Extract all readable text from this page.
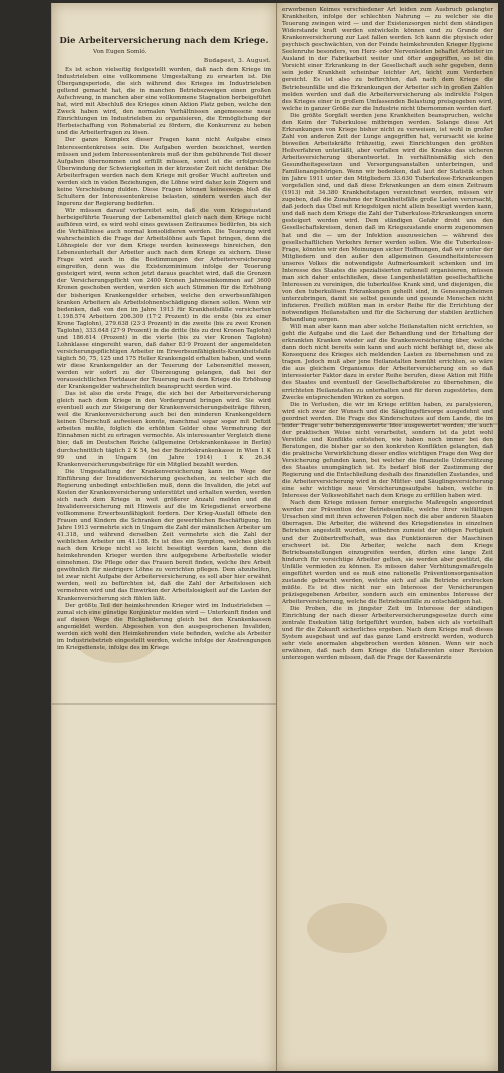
Die Arbeiterversicherung nach dem Kriege.
Von Eugen Somló.
Budapest, 3. August.

Es ist schon vielseitig festgestellt worden, daß nach dem Kriege im Industrieleben eine vollkommene Umgestaltung zu erwarten ist. Die Übergangsperiode, die sich während des Krieges im Industrieleben geltend gemacht hat, die in manchen Betriebszweigen einen großen Aufschwung, in manchen aber eine vollkommene Stagnation herbeigeführt hat, wird mit Abschluß des Krieges einen Aktion Platz geben, welche den Zweck haben wird, den normalen Verhältnissen angemessene neue Einrichtungen im Industrieleben zu organisieren, die Ermöglichung der Herbeischaffung von Rohmaterial zu fördern, die Konkurrenz zu heben und die Arbeiterfragen zu lösen.

Der ganze Komplex dieser Fragen kann nicht Aufgabe eines Interessentenkreises sein. Die Aufgaben werden bezeichnet, werden müssen und jedem Interessentenkreis muß der ihm gebührende Teil dieser Aufgaben übernommen und erfüllt müssen, sonst ist die erfolgreiche Überwindung der Schwierigkeiten in der kürzester Zeit nicht denkbar. Die Arbeiterfragen werden nach dem Kriege mit großer Wucht auftreten und werden sich in vielen Beziehungen, die Löhne wird daher kein Zögern und keine Verschiebung dulden. Diese Fragen können keineswegs bloß die Schultern der Interessentenkreise belasten, sondern werden auch der Ingerenz der Regierung bedürfen.

Wir müssen darauf vorbereitet sein, daß die vom Kriegszustand herbeigeführte Teuerung der Lebensmittel gleich nach dem Kriege nicht aufhören wird, es wird wohl eines gewissen Zeitraumes bedürfen, bis sich die Verhältnisse auch normal konsolidieren werden. Die Teuerung wird wahrscheinlich die Frage der Arbeitslöhne aufs Tapet bringen, denn die Löhnspiele der vor dem Kriege werden keineswegs hinreichen, den Lebensunterhalt der Arbeiter auch nach dem Kriege zu sichern. Diese Frage wird auch in die Bestimmungen der Arbeiterversicherung eingreifen, denn was die Existenzminimum infolge der Teuerung gesteigert wird, wenn schon jetzt daraus geachtet wird, daß die Grenzen der Versicherungspflicht von 2400 Kronen Jahreseinkommen auf 3600 Kronen geschoben werden, werden sich auch Stimmen für die Erhöhung der bisherigen Krankengelder erheben, welche den erwerbsunfähigen kranken Arbeitern als Arbeitslohnentschädigung dienen sollen. Wenn wir bedenken, daß von den im Jahre 1913 für Krankheitsfälle versicherten 1.198.574 Arbeitern 206.309 (17·2 Prozent) in die erste (bis zu einer Krone Taglohn), 279.638 (23·3 Prozent) in die zweite (bis zu zwei Kronen Taglohn), 333.648 (27·9 Prozent) in die dritte (bis zu drei Kronen Taglohn) und 186.614 (Prozent) in die vierte (bis zu vier Kronen Taglohn) Lohnklasse eingereiht waren, daß daher 83·9 Prozent der angemeldeten versicherungspflichtigen Arbeiter im Erwerbsunfähigkeits-Krankheitsfalle täglich 50, 75, 125 und 175 Heller Krankengeld erhalten haben, und wenn wir diese Krankengelder an der Teuerung der Lebensmittel messen, werden wir sofort zu der Überzeugung gelangen, daß bei der voraussichtlichen Fortdauer der Teuerung nach dem Kriege die Erhöhung der Krankengelder wahrscheinlich beansprucht werden wird.

Das ist also die erste Frage, die sich bei der Arbeiterversicherung gleich nach dem Kriege in den Vordergrund bringen wird. Sie wird eventuell auch zur Steigerung der Krankenversicherungsbeiträge führen, weil die Krankenversicherung auch bei den minderen Krankengeldern keinen Überschuß aufweisen konnte, manchmal sogar sogar mit Defizit arbeiten mußte, folglich die erhöhten Gelder ohne Vermehrung der Einnahmen nicht zu ertragen vermochte. Als interessanter Vergleich diene hier, daß im Deutschen Reiche (allgemeine Ortskrankenkasse in Berlin) durchschnittlich täglich 2 K 54, bei der Bezirkskrankenkasse in Wien 1 K 99 und in Ungarn (im Jahre 1914) 1 K 26.34 Krankenversicherungsbeiträge für ein Mitglied bezahlt werden.

Die Umgestaltung der Krankenversicherung kann im Wege der Einführung der Invalidenversicherung geschehen, zu welcher sich die Regierung unbedingt entschließen muß, denn die Invaliden, die jetzt auf Kosten der Krankenversicherung unterstützt und erhalten werden, werden sich nach dem Kriege in weit größerer Anzahl melden und die Invalidenversicherung mit Hinweis auf die im Kriegsdienst erworbene vollkommene Erwerbsunfähigkeit fordern. Der Krieg-Ausfall öffnete den Frauen und Kindern die Schranken der gewerblichen Beschäftigung. Im Jahre 1913 vermehrte sich in Ungarn die Zahl der männlichen Arbeiter um 41.318, und während derselben Zeit vermehrte sich die Zahl der weiblichen Arbeiter um 41.188. Es ist dies ein Symptom, welches gleich nach dem Kriege nicht so leicht beseitigt werden kann, denn die heimkehrenden Krieger werden ihre aufgegebene Arbeitsstelle wieder einnehmen. Die Pflege oder das Frauen bereit finden, welche ihre Arbeit gewöhnlich für niedrigere Löhne zu verrichten pflegen. Dem abzuhelfen, ist zwar nicht Aufgabe der Arbeiterversicherung, es soll aber hier erwähnt werden, weil zu befürchten ist, daß die Zahl der Arbeitslosen sich vermehren wird und das Einwirken der Arbeitslosigkeit auf die Lasten der Krankenversicherung sich fühlen läßt.

Der größte Teil der heimkehrenden Krieger wird im Industrieleben — zumal sich eine günstige Konjunktur melden wird — Unterkunft finden und auf diesen Wege die Rückgliederung gleich bei den Krankenkassen angemeldet werden. Abgesehen von den ausgesprochenen Invaliden, werden sich wohl den Heimkehrenden viele befinden, welche als Arbeiter im Industriebetrieb eingestellt werden, welche infolge der Anstrengungen im Kriegsdienste, infolge des im Kriege

erworbenen Keimes verschiedener Art leiden zum Ausbruch gelangter Krankheiten, infolge der schlechten Nahrung — zu welcher sie die Teuerung zwingen wird — und der Existenzsorgen nicht dem ständigen Widerstande kraft werden entwickeln können und zu Grunde der Krankenversicherung zur Last fallen werden. Ich kann die physisch oder psychisch geschwächten, von der Feinde heimkehrenden Krieger Hygiene Seelenruhe besonders, von Herz- oder Nervenleiden behaftet Arbeiter im Ausland in der Fabrikarbeit weiter und öfter angegriffen, so ist die Vorsicht einer Erkrankung in der Gesellschaft auch sehr gegeben, denn sein jeder Krankheit scheinbar leichter Art, leicht zum Verderben gereicht. Es ist also zu befürchten, daß nach dem Kriege die Betriebsunfälle und die Erkrankungen der Arbeiter sich in großen Zahlen melden werden und daß die Arbeiterversicherung als indirekte Folgen des Krieges einer in großem Umfassenden Belastung preisgegeben wird, welche in ganzer Größe zur die Industrie nicht übernommen werden darf.

Die größte Sorgfalt werden jene Krankheiten beanspruchen, welche den Keim der Tuberkulose mitbringen werden. Solange diese Art Erkrankungen von Kriege bisher nicht zu verweisen, ist wohl in großer Zahl von anderen Zeit der Lunge angegriffen hat, verursacht sie keine bisweilen Arbeitskräfte frühzeitig, zwei Einrichtungen den größten Heilverfahren unterläßt, aber verfallen wird die Kranke das sicheren Arbeitsversicherung überantwortet. In verhältnismäßig sich den Gesundheitsgesetzen und Versorgungsanstalten unterbringen, und Familienangehörigen. Wenn wir bedenken, daß laut der Statistik schon im Jahre 1911 unter den Mitgliedern 33.630 Tuberkulose-Erkrankungen vorgefallen sind, und daß diese Erkrankungen an dem einen Zeitraum (1913) mit 34.380 Krankheitstagen verzeichnet werden, müssen wir zugeben, daß die Zunahme der Krankheitsfälle große Lasten verursacht, daß jedoch das Übel mit Kriegsfolgen nicht allein beseitigt werden kann, und daß nach dem Kriege die Zahl der Tuberkulose-Erkrankungen enorm gesteigert werden wird. Dem ständigen Gefahr droht uns den Gesellschaftskreisen, denen daß im Kriegszustande enorm zugenommen hat und die — um der Infektion auszuweichen — während des gesellschaftlichen Verkehrs ferner werden sollen. Wie die Tuberkulose-Frage, könnten wir den Meinungen sicher Hoffnungen, daß wir unter der Mitgliedern und den außer den allgemeinen Gesundheitsinteressen unseres Volkes die notwendigste Aufmerksamkeit schenken und im Interesse des Staates die spezialisierten rationell organisieren, müssen man sich daher entschließen, diese Lungenheilstätten gesellschaftliche Interessen zu vereinigen, die tuberkulöse Krank sind, und diejenigen, die von den tuberkulösen Erkrankungen geheilt sind, in Genesungsheimen unterzubringen, damit sie selbst gesunde und gesunde Menschen nicht infizieren. Freilich müßten man in erster Reihe für die Errichtung der notwendigen Heilanstalten und für die Sicherung der stabilen ärztlichen Behandlung sorgen.

Will man aber kann man aber solche Heilanstalten nicht errichten, so geht die Aufgabe und die Last der Behandlung und der Erhaltung der erkrankten Kranken wieder auf die Krankenversicherung über, welche dann doch nicht bereits sein kann und auch nicht befähigt ist, diese als Konsequenz des Krieges sich meldenden Lasten zu übernehmen und zu tragen. Jedoch muß aber jene Heilanstalten bemüht errichten, so wäre die aus gleichem Organismus der Arbeiterversicherung ein so daß interessierter Faktor dazu in erster Reihe berufen, diese Aktion mit Hilfe des Staates und eventuell der Gesellschaftskreise zu übernehmen, die errichteten Heilanstalten zu unterhalten und für deren zugestörtes, dem Zwecke entsprechenden Wirken zu sorgen.

Die in Verlusten, die wir im Kriege erlitten haben, zu paralysieren, wird sich zwar der Wunsch und die Säuglingsfürsorge ausgedehnt und geordnet werden. Die Frage des Kinderschutzes auf dem Lande, die im leider Frage sehr beherzigenswerte Idee ausgewertet worden, die auch der praktischen Weise nicht verarbeitet, sondern ist da jetzt wohl Verstöße und Konflikte entstehen, wie haben noch immer bei den Beratungen, die bisher gar so den konkreten Konflikten gelangten, daß die praktische Verwirklichung dieser endlos wichtigen Frage den Weg der Versicherung gefunden kann, bei welcher die finanzielle Unterstützung des Staates unumgänglich ist. Es bedarf bloß der Zustimmung der Regierung und die Entschließung deshalb des finanziellen Zustandes, und die Arbeiterversicherung wird in der Mütter- und Säuglingsversicherung eine sehr wichtige neue Versicherungsaufgabe haben, welche in Interesse der Volkswohlfahrt nach dem Kriege zu erfüllen haben wird.

Nach dem Kriege müssen ferner energische Maßregeln angeordnet werden zur Prävention der Betriebsunfälle, welche ihrer vielfältigen Ursachen sind mit ihren schweren Folgen noch die aber anderen Staaten überragen. Die Arbeiter, die während des Kriegsdienstes in einzelnen Betrieben angestellt wurden, entbehren zumeist der nötigen Fertigkeit und der Zuübertreffschaft, was das Funktionieren der Maschinen erschwert ist. Die Arbeiter, welche nach dem Kriege Betriebsanstellungen einzugreifen werden, dürfen eine lange Zeit hindurch für vorsichtige Arbeiter gelten, sie werden aber gestützt, die Unfälle vermieden zu können. Es müssen daher Verhütungsmaßregeln eingeführt werden und es muß eine rationelle Präventionsorganisation zustande gebracht werden, welche sich auf alle Betriebe erstrecken müßte. Es ist dies nicht nur ein Interesse der Versicherungen präzisgegebenen Arbeiter, sondern auch ein eminentes Interesse der Arbeiterversicherung, welche die Betriebsunfälle zu entschädigen hat.

Die Proben, die in jüngster Zeit im Interesse der ständigen Einrichtung der nach dieser Arbeiterversicherungsgesetze durch eine zentrale Exekution tätig fortgeführt wurden, haben sich als vorteilhaft und für die Zukunft sicherliches ergeben. Nach dem Kriege muß dieses System ausgebaut und auf das ganze Land erstreckt werden, wodurch sehr viele anormalen abgebrochen werden können. Wenn wir noch erwähnen, daß nach dem Kriege die Unfallsrenten einer Revision unterzogen werden müssen, daß die Frage der Kassenärzte
